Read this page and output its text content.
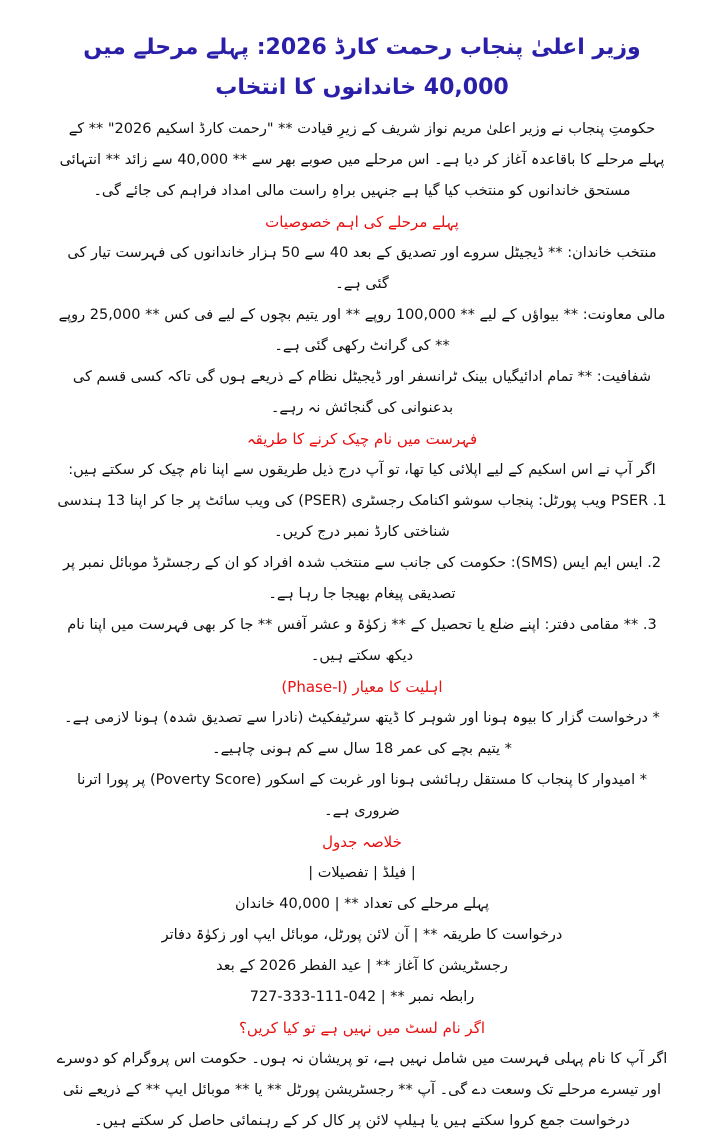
وزیر اعلیٰ پنجاب رحمت کارڈ 2026: پہلے مرحلے میں 40,000 خاندانوں کا انتخاب

حکومتِ پنجاب نے وزیر اعلیٰ مریم نواز شریف کے زیرِ قیادت ** "رحمت کارڈ اسکیم 2026" ** کے پہلے مرحلے کا باقاعدہ آغاز کر دیا ہے۔ اس مرحلے میں صوبے بھر سے ** 40,000 سے زائد ** انتہائی مستحق خاندانوں کو منتخب کیا گیا ہے جنہیں براہِ راست مالی امداد فراہم کی جائے گی۔

پہلے مرحلے کی اہم خصوصیات

منتخب خاندان: ** ڈیجیٹل سروے اور تصدیق کے بعد 40 سے 50 ہزار خاندانوں کی فہرست تیار کی گئی ہے۔

مالی معاونت: ** بیواؤں کے لیے ** 100,000 روپے ** اور یتیم بچوں کے لیے فی کس ** 25,000 روپے ** کی گرانٹ رکھی گئی ہے۔

شفافیت: ** تمام ادائیگیاں بینک ٹرانسفر اور ڈیجیٹل نظام کے ذریعے ہوں گی تاکہ کسی قسم کی بدعنوانی کی گنجائش نہ رہے۔

فہرست میں نام چیک کرنے کا طریقہ

اگر آپ نے اس اسکیم کے لیے اپلائی کیا تھا، تو آپ درج ذیل طریقوں سے اپنا نام چیک کر سکتے ہیں:

1. PSER ویب پورٹل: پنجاب سوشو اکنامک رجسٹری (PSER) کی ویب سائٹ پر جا کر اپنا 13 ہندسی شناختی کارڈ نمبر درج کریں۔

2. ایس ایم ایس (SMS): حکومت کی جانب سے منتخب شدہ افراد کو ان کے رجسٹرڈ موبائل نمبر پر تصدیقی پیغام بھیجا جا رہا ہے۔

3. ** مقامی دفتر: اپنے ضلع یا تحصیل کے ** زکوٰۃ و عشر آفس ** جا کر بھی فہرست میں اپنا نام دیکھ سکتے ہیں۔

اہلیت کا معیار (Phase-I)

* درخواست گزار کا بیوہ ہونا اور شوہر کا ڈیتھ سرٹیفکیٹ (نادرا سے تصدیق شدہ) ہونا لازمی ہے۔

* یتیم بچے کی عمر 18 سال سے کم ہونی چاہیے۔

* امیدوار کا پنجاب کا مستقل رہائشی ہونا اور غربت کے اسکور (Poverty Score) پر پورا اترنا ضروری ہے۔

خلاصہ جدول

| فیلڈ | تفصیلات |

پہلے مرحلے کی تعداد ** | 40,000 خاندان

درخواست کا طریقہ ** | آن لائن پورٹل، موبائل ایپ اور زکوٰۃ دفاتر

رجسٹریشن کا آغاز ** | عید الفطر 2026 کے بعد

رابطہ نمبر ** | 042-111-333-727

اگر نام لسٹ میں نہیں ہے تو کیا کریں؟

اگر آپ کا نام پہلی فہرست میں شامل نہیں ہے، تو پریشان نہ ہوں۔ حکومت اس پروگرام کو دوسرے اور تیسرے مرحلے تک وسعت دے گی۔ آپ ** رجسٹریشن پورٹل ** یا ** موبائل ایپ ** کے ذریعے نئی درخواست جمع کروا سکتے ہیں یا ہیلپ لائن پر کال کر کے رہنمائی حاصل کر سکتے ہیں۔
